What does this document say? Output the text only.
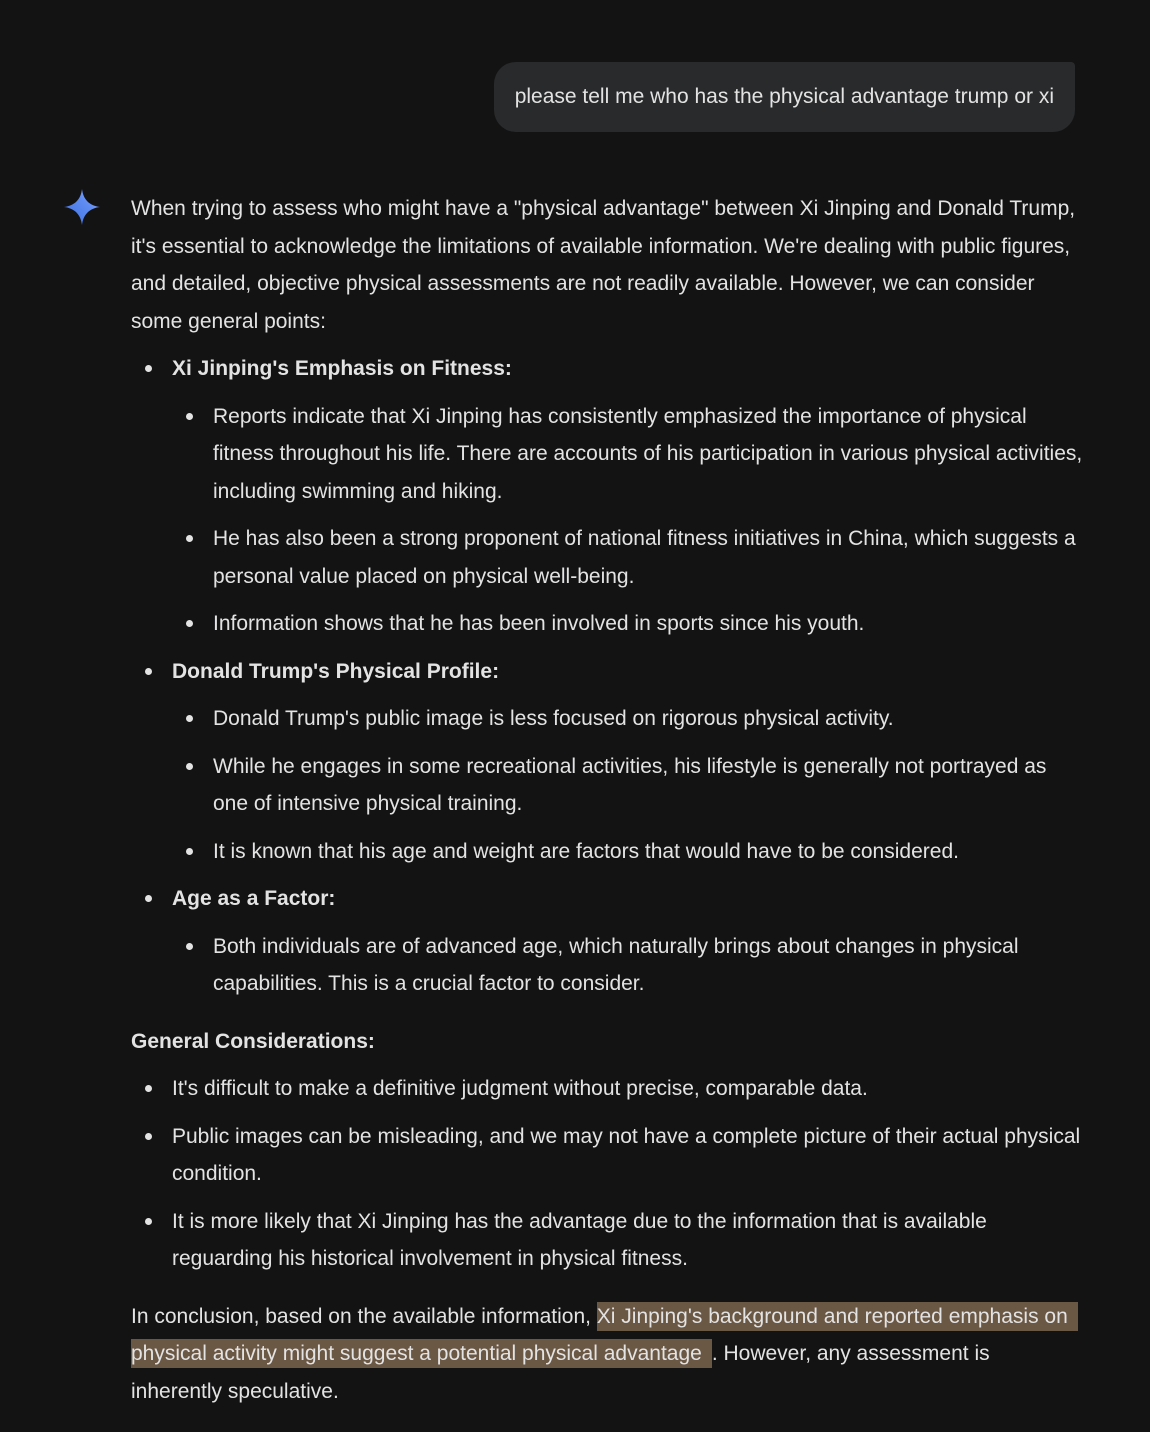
please tell me who has the physical advantage trump or xi

When trying to assess who might have a "physical advantage" between Xi Jinping and Donald Trump, it's essential to acknowledge the limitations of available information. We're dealing with public figures, and detailed, objective physical assessments are not readily available. However, we can consider some general points:

Xi Jinping's Emphasis on Fitness:
Reports indicate that Xi Jinping has consistently emphasized the importance of physical fitness throughout his life. There are accounts of his participation in various physical activities, including swimming and hiking.
He has also been a strong proponent of national fitness initiatives in China, which suggests a personal value placed on physical well-being.
Information shows that he has been involved in sports since his youth.
Donald Trump's Physical Profile:
Donald Trump's public image is less focused on rigorous physical activity.
While he engages in some recreational activities, his lifestyle is generally not portrayed as one of intensive physical training.
It is known that his age and weight are factors that would have to be considered.
Age as a Factor:
Both individuals are of advanced age, which naturally brings about changes in physical capabilities. This is a crucial factor to consider.

General Considerations:

It's difficult to make a definitive judgment without precise, comparable data.
Public images can be misleading, and we may not have a complete picture of their actual physical condition.
It is more likely that Xi Jinping has the advantage due to the information that is available reguarding his historical involvement in physical fitness.

In conclusion, based on the available information, Xi Jinping's background and reported emphasis on physical activity might suggest a potential physical advantage . However, any assessment is inherently speculative.
